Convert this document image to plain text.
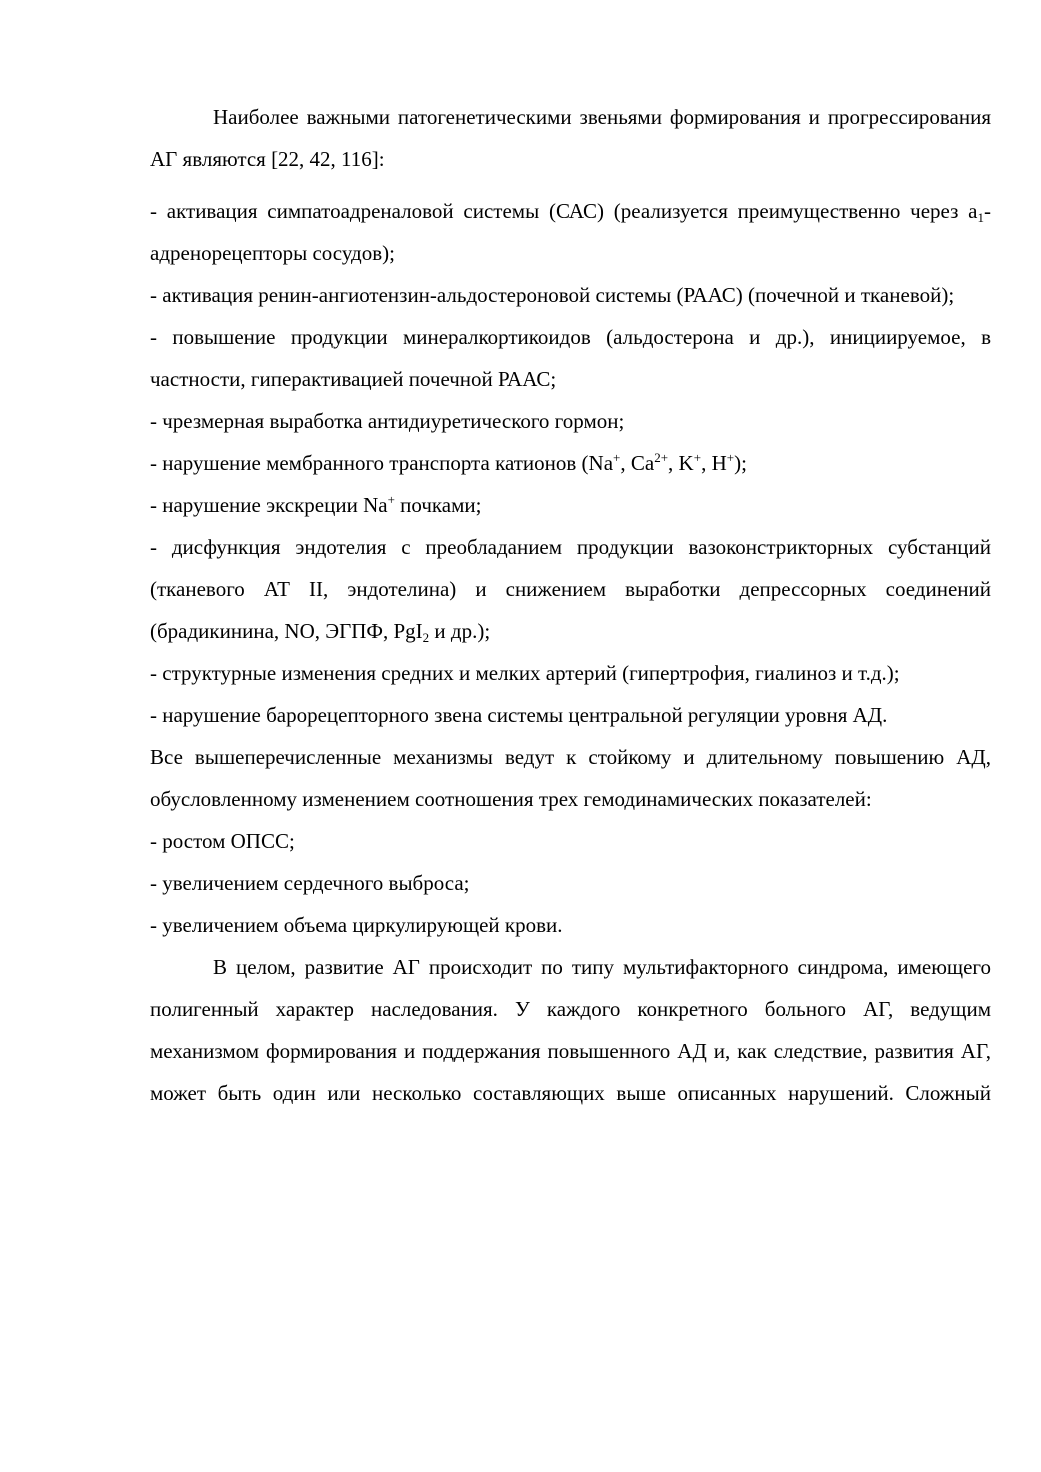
Наиболее важными патогенетическими звеньями формирования и прогрессирования АГ являются [22, 42, 116]:

- активация симпатоадреналовой системы (САС) (реализуется преимущественно через $а_1$-адренорецепторы сосудов);

- активация ренин-ангиотензин-альдостероновой системы (РААС) (почечной и тканевой);

- повышение продукции минералкортикоидов (альдостерона и др.), инициируемое, в частности, гиперактивацией почечной РААС;

- чрезмерная выработка антидиуретического гормон;

- нарушение мембранного транспорта катионов (Na+, $Ca^{2+}$, K+, H+);

- нарушение экскреции Na+ почками;

- дисфункция эндотелия с преобладанием продукции вазоконстрикторных субстанций (тканевого АТ II, эндотелина) и снижением выработки депрессорных соединений (брадикинина, NO, ЭГПФ, PgI$_2$ и др.);

- структурные изменения средних и мелких артерий (гипертрофия, гиалиноз и т.д.);

- нарушение барорецепторного звена системы центральной регуляции уровня АД.

Все вышеперечисленные механизмы ведут к стойкому и длительному повышению АД, обусловленному изменением соотношения трех гемодинамических показателей:

- ростом ОПСС;

- увеличением сердечного выброса;

- увеличением объема циркулирующей крови.

В целом, развитие АГ происходит по типу мультифакторного синдрома, имеющего полигенный характер наследования. У каждого конкретного больного АГ, ведущим механизмом формирования и поддержания повышенного АД и, как следствие, развития АГ, может быть один или несколько составляющих выше описанных нарушений. Сложный
